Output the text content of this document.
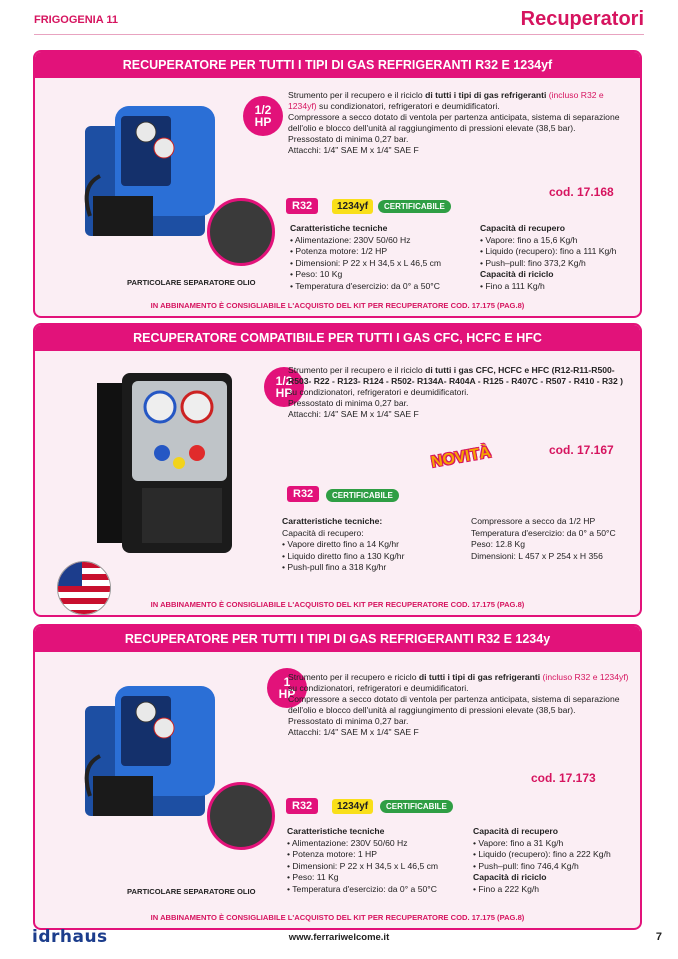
FRIGOGENIA 11	Recuperatori
RECUPERATORE PER TUTTI I TIPI DI GAS REFRIGERANTI R32 E 1234yf
PARTICOLARE SEPARATORE OLIO
1/2
HP
Strumento per il recupero e il riciclo di tutti i tipi di gas refrigeranti (incluso R32 e 1234yf) su condizionatori, refrigeratori e deumidificatori.
Compressore a secco dotato di ventola per partenza anticipata, sistema di separazione dell'olio e blocco dell'unità al raggiungimento di pressioni elevate (38,5 bar).
Pressostato di minima 0,27 bar.
Attacchi: 1/4" SAE M x 1/4" SAE F
cod. 17.168
R32	1234yf	CERTIFICABILE
Caratteristiche tecniche
• Alimentazione: 230V 50/60 Hz
• Potenza motore: 1/2 HP
• Dimensioni: P 22 x H 34,5 x L 46,5 cm
• Peso: 10 Kg
• Temperatura d'esercizio: da 0° a 50°C
Capacità di recupero
• Vapore: fino a 15,6 Kg/h
• Liquido (recupero): fino a 111 Kg/h
• Push–pull: fino 373,2 Kg/h
Capacità di riciclo
• Fino a 111 Kg/h
IN ABBINAMENTO È CONSIGLIABILE L'ACQUISTO DEL KIT PER RECUPERATORE COD. 17.175 (PAG.8)
RECUPERATORE COMPATIBILE PER TUTTI I GAS CFC, HCFC E HFC
1/2
HP
Strumento per il recupero e il riciclo di tutti i gas CFC, HCFC e HFC (R12-R11-R500-R503- R22 - R123- R124 - R502- R134A- R404A - R125 - R407C - R507 - R410 - R32 ) su condizionatori, refrigeratori e deumidificatori.
Pressostato di minima 0,27 bar.
Attacchi: 1/4" SAE M x 1/4" SAE F
NOVITÀ	cod. 17.167
R32	CERTIFICABILE
Caratteristiche tecniche:
Capacità di recupero:
• Vapore diretto fino a 14 Kg/hr
• Liquido diretto fino a 130 Kg/hr
• Push-pull fino a 318 Kg/hr
Compressore a secco da 1/2 HP
Temperatura d'esercizio: da 0° a 50°C
Peso: 12.8 Kg
Dimensioni: L 457 x P 254 x H 356
IN ABBINAMENTO È CONSIGLIABILE L'ACQUISTO DEL KIT PER RECUPERATORE COD. 17.175 (PAG.8)
RECUPERATORE PER TUTTI I TIPI DI GAS REFRIGERANTI R32 E 1234y
PARTICOLARE SEPARATORE OLIO
1
HP
Strumento per il recupero e riciclo di tutti i tipi di gas refrigeranti (incluso R32 e 1234yf) su condizionatori, refrigeratori e deumidificatori.
Compressore a secco dotato di ventola per partenza anticipata, sistema di separazione dell'olio e blocco dell'unità al raggiungimento di pressioni elevate (38,5 bar).
Pressostato di minima 0,27 bar.
Attacchi: 1/4" SAE M x 1/4" SAE F
cod. 17.173
R32	1234yf	CERTIFICABILE
Caratteristiche tecniche
• Alimentazione: 230V 50/60 Hz
• Potenza motore: 1 HP
• Dimensioni: P 22 x H 34,5 x L 46,5 cm
• Peso: 11 Kg
• Temperatura d'esercizio: da 0° a 50°C
Capacità di recupero
• Vapore: fino a 31 Kg/h
• Liquido (recupero): fino a 222 Kg/h
• Push–pull: fino 746,4 Kg/h
Capacità di riciclo
• Fino a 222 Kg/h
IN ABBINAMENTO È CONSIGLIABILE L'ACQUISTO DEL KIT PER RECUPERATORE COD. 17.175 (PAG.8)
idrhaus	www.ferrariwelcome.it	7
